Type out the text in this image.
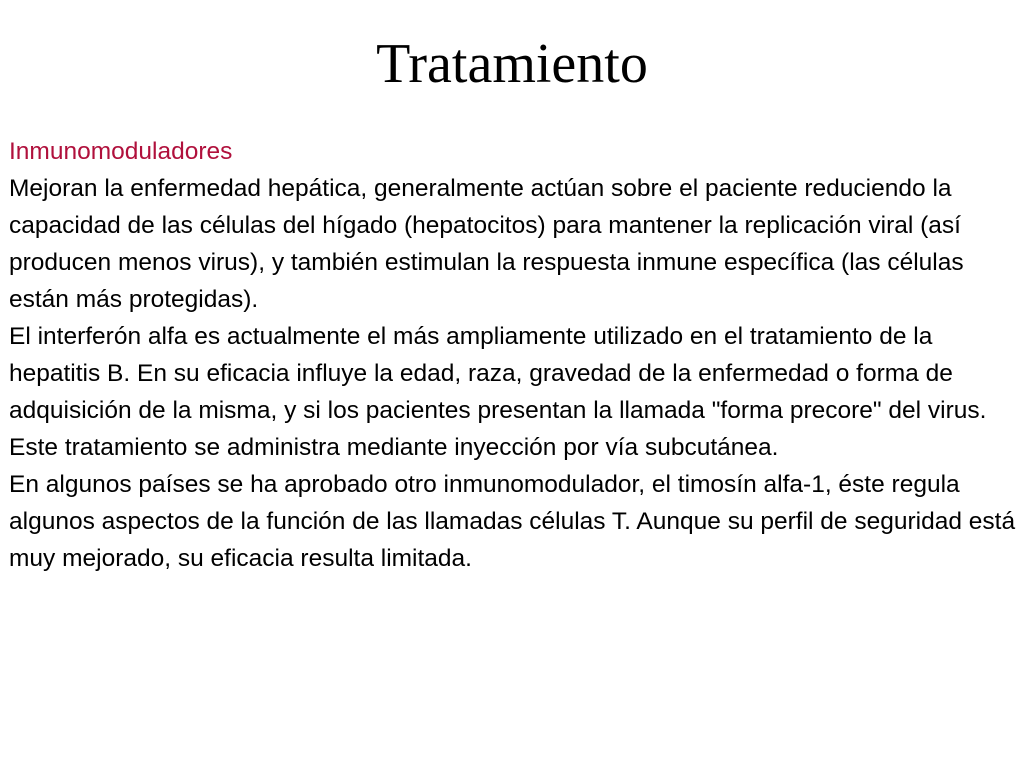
Tratamiento

Inmunomoduladores

Mejoran la enfermedad hepática, generalmente actúan sobre el paciente reduciendo la capacidad de las células del hígado (hepatocitos) para mantener la replicación viral (así producen menos virus), y también estimulan la respuesta inmune específica (las células están más protegidas).

El interferón alfa es actualmente el más ampliamente utilizado en el tratamiento de la hepatitis B. En su eficacia influye la edad, raza, gravedad de la enfermedad o forma de adquisición de la misma, y si los pacientes presentan la llamada "forma precore" del virus.

Este tratamiento se administra mediante inyección por vía subcutánea.

En algunos países se ha aprobado otro inmunomodulador, el timosín alfa-1, éste regula algunos aspectos de la función de las llamadas células T. Aunque su perfil de seguridad está muy mejorado, su eficacia resulta limitada.
